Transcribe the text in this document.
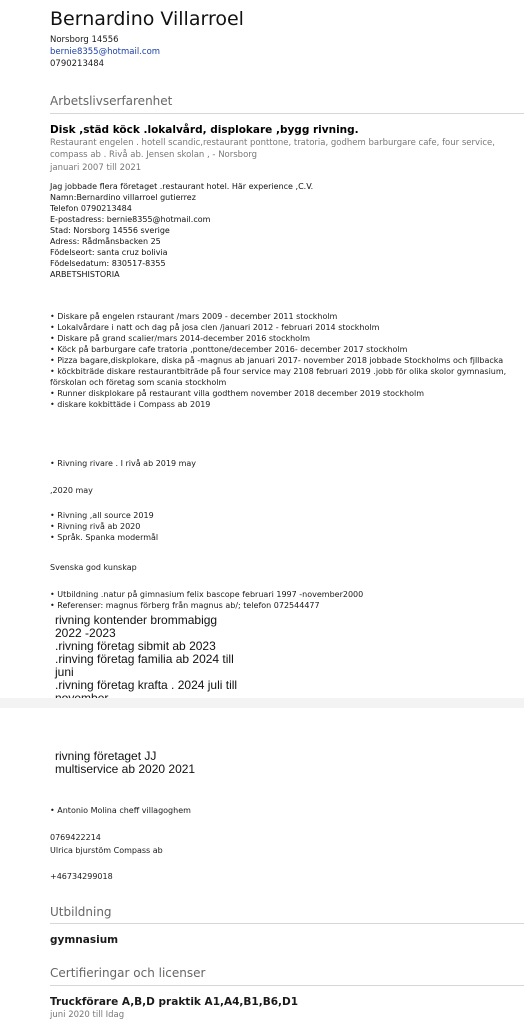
Bernardino Villarroel
Norsborg 14556
bernie8355@hotmail.com
0790213484
Arbetslivserfarenhet
Disk ,städ köck .lokalvård, displokare ,bygg rivning.
Restaurant engelen . hotell scandic,restaurant ponttone, tratoria, godhem barburgare cafe, four service, compass ab . Rivå ab. Jensen skolan , - Norsborg
januari 2007 till 2021
Jag jobbade flera företaget .restaurant hotel. Här experience ,C.V.
Namn:Bernardino villarroel gutierrez
Telefon 0790213484
E-postadress: bernie8355@hotmail.com
Stad: Norsborg 14556 sverige
Adress: Rådmånsbacken 25
Födelseort: santa cruz bolivia
Födelsedatum: 830517-8355
ARBETSHISTORIA
• Diskare på engelen rstaurant /mars 2009 - december 2011 stockholm
• Lokalvårdare i natt och dag på josa clen /januari 2012 - februari 2014 stockholm
• Diskare på grand scalier/mars 2014-december 2016 stockholm
• Köck på barburgare cafe tratoria ,ponttone/december 2016- december 2017 stockholm
• Pizza bagare,diskplokare, diska på -magnus ab januari 2017- november 2018 jobbade Stockholms och fjllbacka
• köckbiträde diskare restaurantbiträde på four service may 2108 februari 2019 .jobb för olika skolor gymnasium, förskolan och företag som scania stockholm
• Runner diskplokare på restaurant villa godthem november 2018 december 2019 stockholm
• diskare kokbittäde i Compass ab 2019
• Rivning rivare . I rivå ab 2019 may
,2020 may
• Rivning ,all source 2019
• Rivning rivå ab 2020
• Språk. Spanka modermål
Svenska god kunskap
• Utbildning .natur på gimnasium felix bascope februari 1997 -november2000
• Referenser: magnus förberg från magnus ab/; telefon 072544477
rivning kontender brommabigg
2022 -2023
.rivning företag sibmit ab 2023
.rinving företag familia ab 2024 till
juni
.rivning företag krafta . 2024 juli till
rivning företaget JJ
multiservice ab 2020 2021
• Antonio Molina cheff villagoghem
0769422214
Ulrica bjurstöm Compass ab
+46734299018
Utbildning
gymnasium
Certifieringar och licenser
Truckförare A,B,D praktik A1,A4,B1,B6,D1
juni 2020 till Idag
